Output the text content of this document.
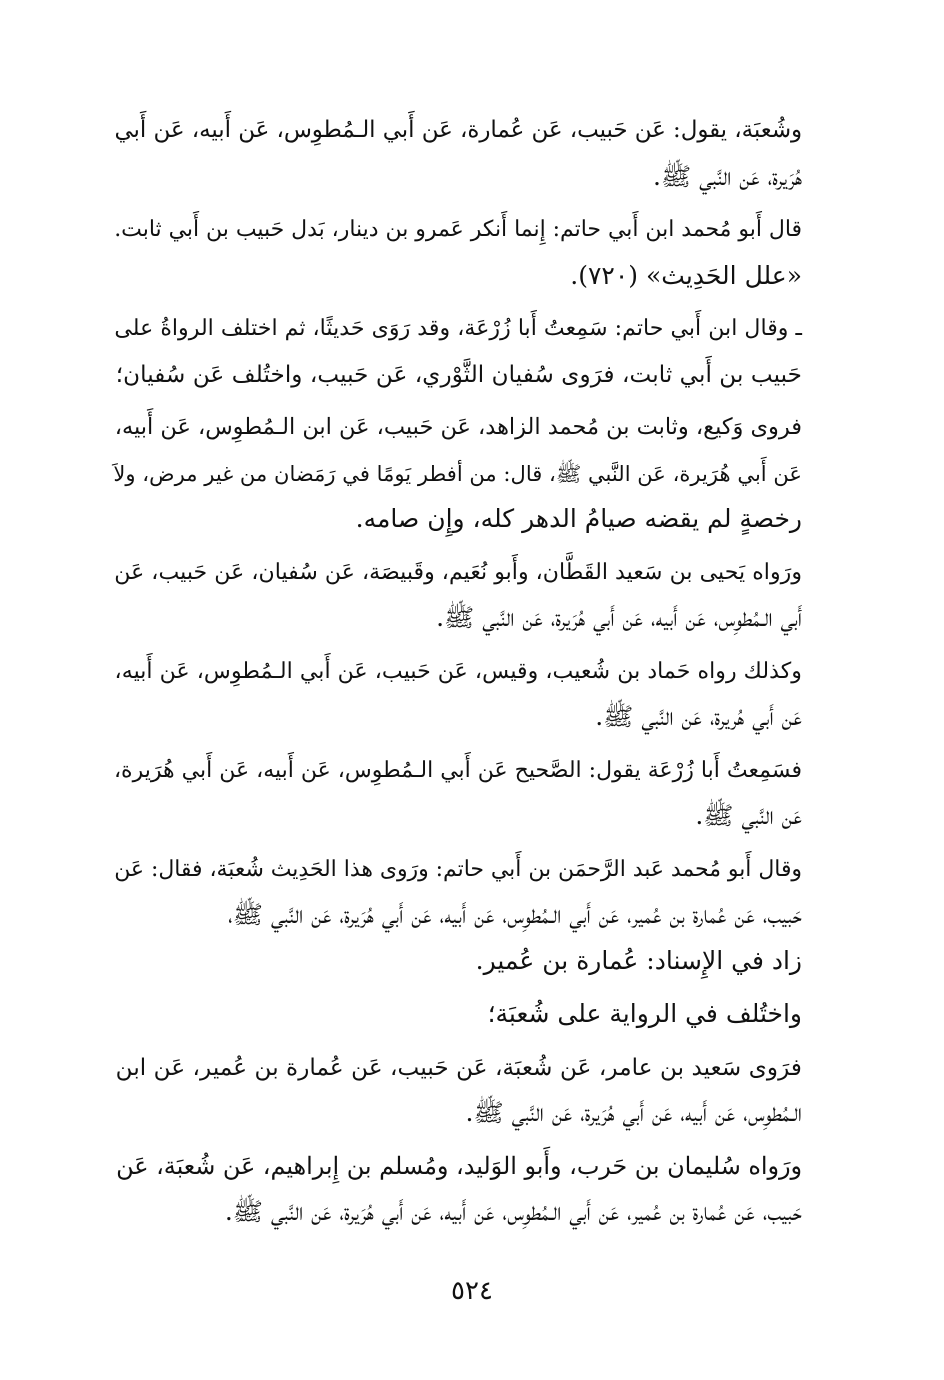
وشُعبَة، يقول: عَن حَبيب، عَن عُمارة، عَن أَبي الـمُطوِس، عَن أَبيه، عَن أَبي
هُرَيرة، عَن النَّبي ﷺ.

قال أَبو مُحمد ابن أَبي حاتم: إِنما أَنكر عَمرو بن دينار، بَدل حَبيب بن أَبي ثابت.
«علل الحَدِيث» (٧٢٠).

ـ وقال ابن أَبي حاتم: سَمِعتُ أَبا زُرْعَة، وقد رَوَى حَديثًا، ثم اختلف الرواةُ على
حَبيب بن أَبي ثابت، فرَوى سُفيان الثَّوْري، عَن حَبيب، واختُلف عَن سُفيان؛

فروى وَكيع، وثابت بن مُحمد الزاهد، عَن حَبيب، عَن ابن الـمُطوِس، عَن أَبيه،
عَن أَبي هُرَيرة، عَن النَّبي ﷺ، قال: من أفطر يَومًا في رَمَضان من غير مرض، ولاَ
رخصةٍ لم يقضه صيامُ الدهر كله، وإِن صامه.

ورَواه يَحيى بن سَعيد القَطَّان، وأَبو نُعَيم، وقَبيصَة، عَن سُفيان، عَن حَبيب، عَن
أَبي الـمُطوِس، عَن أَبيه، عَن أَبي هُرَيرة، عَن النَّبي ﷺ.

وكذلك رواه حَماد بن شُعيب، وقيس، عَن حَبيب، عَن أَبي الـمُطوِس، عَن أَبيه،
عَن أَبي هُريرة، عَن النَّبي ﷺ.

فسَمِعتُ أَبا زُرْعَة يقول: الصَّحيح عَن أَبي الـمُطوِس، عَن أَبيه، عَن أَبي هُرَيرة،
عَن النَّبي ﷺ.

وقال أَبو مُحمد عَبد الرَّحمَن بن أَبي حاتم: ورَوى هذا الحَدِيث شُعبَة، فقال: عَن
حَبيب، عَن عُمارة بن عُمير، عَن أَبي الـمُطوِس، عَن أَبيه، عَن أَبي هُرَيرة، عَن النَّبي ﷺ،
زاد في الإِسناد: عُمارة بن عُمير.

واختُلف في الرواية على شُعبَة؛

فرَوى سَعيد بن عامر، عَن شُعبَة، عَن حَبيب، عَن عُمارة بن عُمير، عَن ابن
الـمُطوِس، عَن أَبيه، عَن أَبي هُرَيرة، عَن النَّبي ﷺ.

ورَواه سُليمان بن حَرب، وأَبو الوَليد، ومُسلم بن إِبراهيم، عَن شُعبَة، عَن
حَبيب، عَن عُمارة بن عُمير، عَن أَبي الـمُطوِس، عَن أَبيه، عَن أَبي هُرَيرة، عَن النَّبي ﷺ.

٥٢٤
